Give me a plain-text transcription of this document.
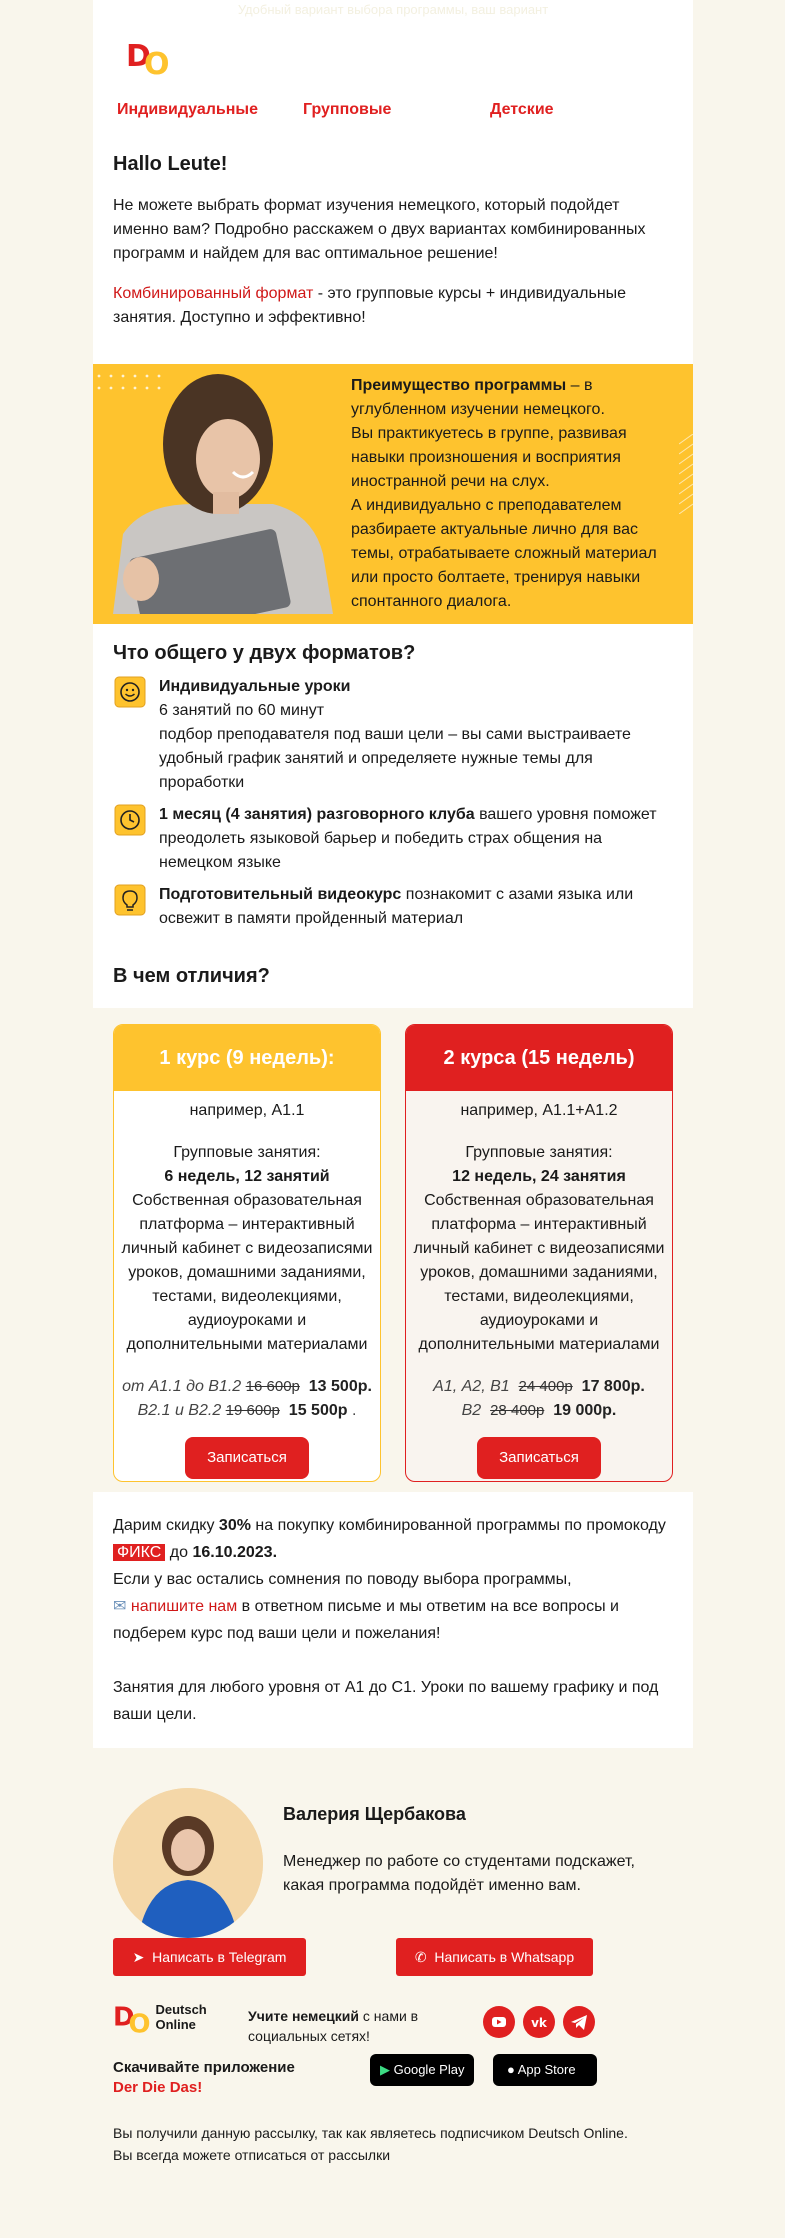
Удобный вариант выбора программы, ваш вариант
D
O
Индивидуальные	Групповые	Детские
Hallo Leute!

Не можете выбрать формат изучения немецкого, который подойдет именно вам? Подробно расскажем о двух вариантах комбинированных программ и найдем для вас оптимальное решение!

Комбинированный формат - это групповые курсы + индивидуальные занятия. Доступно и эффективно!

Преимущество программы – в углубленном изучении немецкого.
Вы практикуетесь в группе, развивая навыки произношения и восприятия иностранной речи на слух.
А индивидуально с преподавателем разбираете актуальные лично для вас темы, отрабатываете сложный материал или просто болтаете, тренируя навыки спонтанного диалога.
Что общего у двух форматов?
Индивидуальные уроки
6 занятий по 60 минут
подбор преподавателя под ваши цели – вы сами выстраиваете удобный график занятий и определяете нужные темы для проработки
1 месяц (4 занятия) разговорного клуба вашего уровня поможет преодолеть языковой барьер и победить страх общения на немецком языке
Подготовительный видеокурс познакомит с азами языка или освежит в памяти пройденный материал
В чем отличия?
1 курс (9 недель):
например, А1.1
Групповые занятия:
6 недель, 12 занятий
Собственная образовательная платформа – интерактивный личный кабинет с видеозаписями уроков, домашними заданиями, тестами, видеолекциями, аудиоуроками и дополнительными материалами
от А1.1 до В1.2 16 600р 13 500р.
В2.1 и В2.2 19 600р 15 500р .
Записаться
2 курса (15 недель)
например, А1.1+А1.2
Групповые занятия:
12 недель, 24 занятия
Собственная образовательная платформа – интерактивный личный кабинет с видеозаписями уроков, домашними заданиями, тестами, видеолекциями, аудиоуроками и дополнительными материалами
А1, А2, В1 24 400р 17 800р.
В2 28 400р 19 000р.
Записаться

Дарим скидку 30% на покупку комбинированной программы по промокоду ФИКС до 16.10.2023.

Если у вас остались сомнения по поводу выбора программы,

✉ напишите нам в ответном письме и мы ответим на все вопросы и подберем курс под ваши цели и пожелания!

Занятия для любого уровня от А1 до С1. Уроки по вашему графику и под ваши цели.

Валерия Щербакова
Менеджер по работе со студентами подскажет, какая программа подойдёт именно вам.
➤ Написать в Telegram	✆ Написать в Whatsapp
D
O

Deutsch
Online
Учите немецкий с нами в социальных сетях!
vk
Скачивайте приложение
Der Die Das!
▶ Google Play	● App Store
Вы получили данную рассылку, так как являетесь подписчиком Deutsch Online.
Вы всегда можете отписаться от рассылки
